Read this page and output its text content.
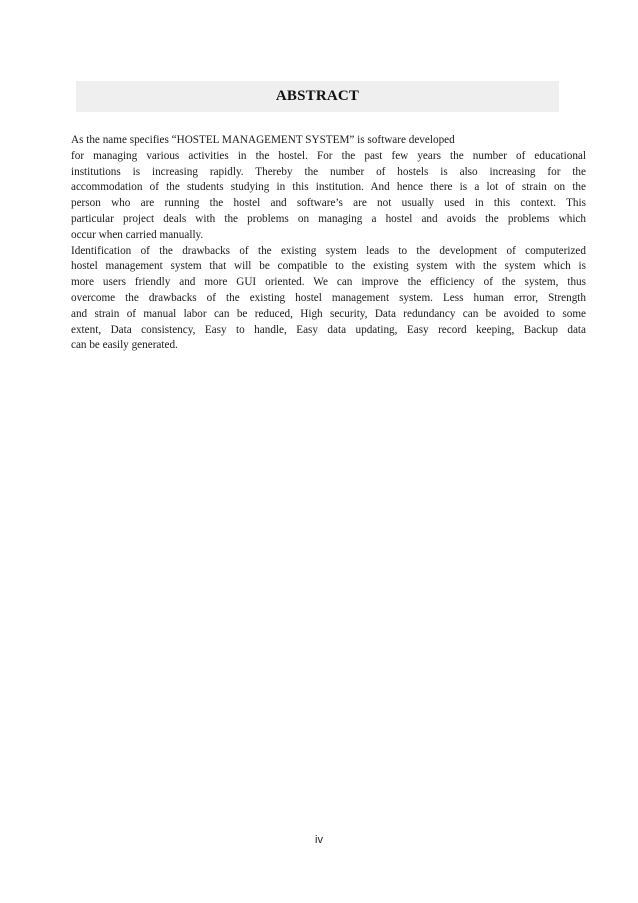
ABSTRACT
As the name specifies “HOSTEL MANAGEMENT SYSTEM” is software developed
for managing various activities in the hostel. For the past few years the number of educational
institutions is increasing rapidly. Thereby the number of hostels is also increasing for the
accommodation of the students studying in this institution. And hence there is a lot of strain on the
person who are running the hostel and software’s are not usually used in this context. This
particular project deals with the problems on managing a hostel and avoids the problems which
occur when carried manually.
Identification of the drawbacks of the existing system leads to the development of computerized
hostel management system that will be compatible to the existing system with the system which is
more users friendly and more GUI oriented. We can improve the efficiency of the system, thus
overcome the drawbacks of the existing hostel management system. Less human error, Strength
and strain of manual labor can be reduced, High security, Data redundancy can be avoided to some
extent, Data consistency, Easy to handle, Easy data updating, Easy record keeping, Backup data
can be easily generated.
iv
